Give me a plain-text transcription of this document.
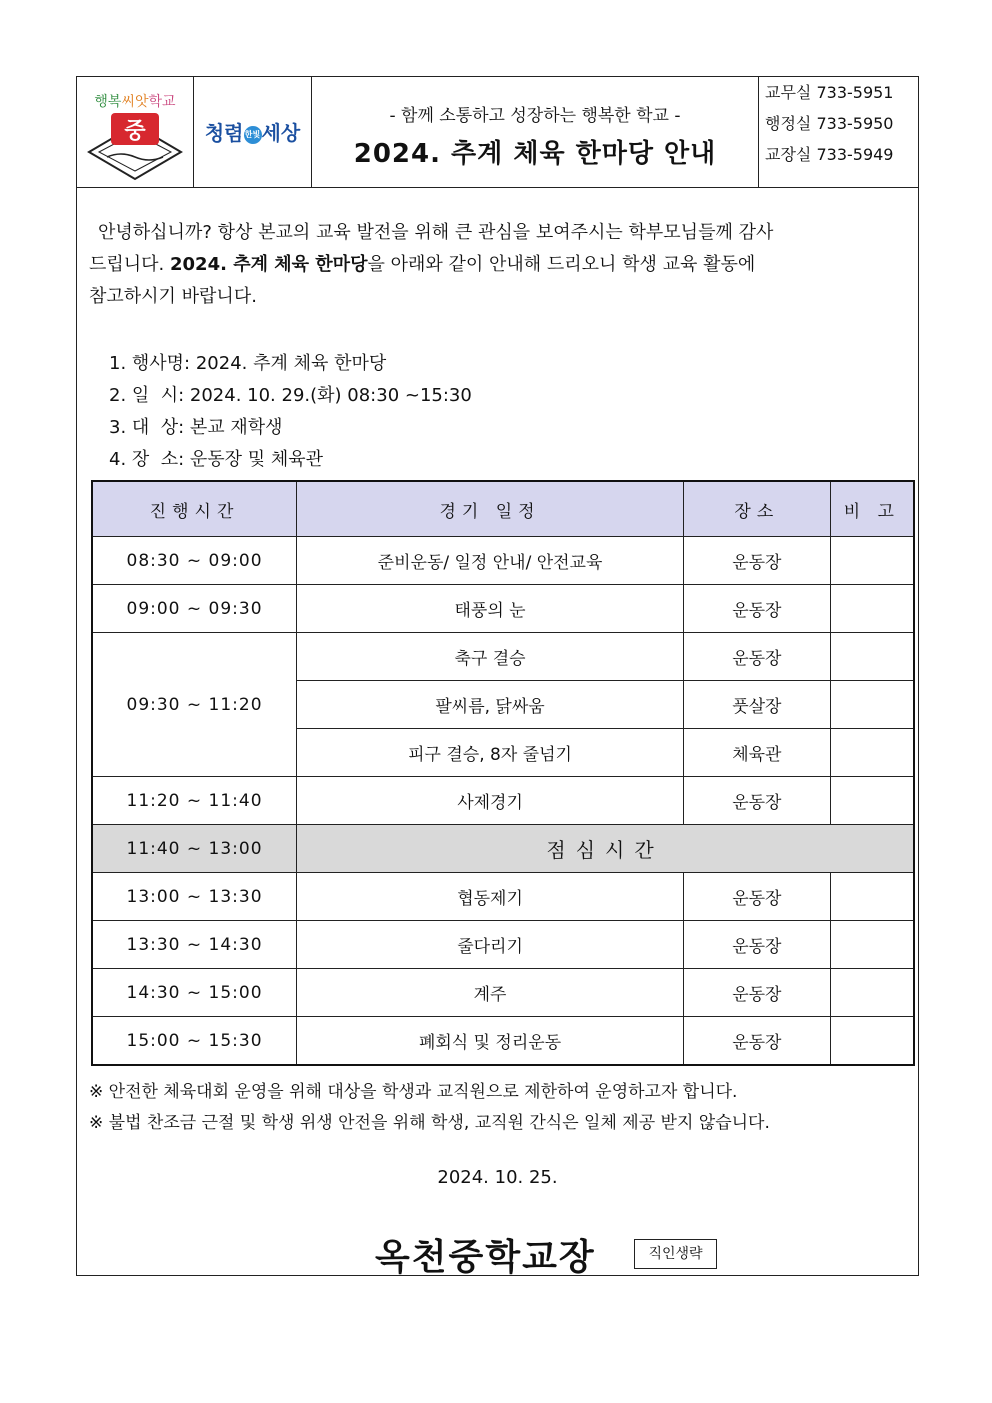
행복씨앗학교
중	청렴한빛세상
- 함께 소통하고 성장하는 행복한 학교 -
2024. 추계 체육 한마당 안내
교무실 733-5951
행정실 733-5950
교장실 733-5949
안녕하십니까? 항상 본교의 교육 발전을 위해 큰 관심을 보여주시는 학부모님들께 감사
드립니다. 2024. 추계 체육 한마당을 아래와 같이 안내해 드리오니 학생 교육 활동에
참고하시기 바랍니다.
1. 행사명: 2024. 추계 체육 한마당
2. 일  시: 2024. 10. 29.(화) 08:30 ~15:30
3. 대  상: 본교 재학생
4. 장  소: 운동장 및 체육관
진행시간	경기 일정	장소	비 고
08:30 ~ 09:00	준비운동/ 일정 안내/ 안전교육	운동장	
09:00 ~ 09:30	태풍의 눈	운동장	
09:30 ~ 11:20	축구 결승	운동장	
	팔씨름, 닭싸움	풋살장	
	피구 결승, 8자 줄넘기	체육관	
11:20 ~ 11:40	사제경기	운동장	
11:40 ~ 13:00	점심시간		
13:00 ~ 13:30	협동제기	운동장	
13:30 ~ 14:30	줄다리기	운동장	
14:30 ~ 15:00	계주	운동장	
15:00 ~ 15:30	폐회식 및 정리운동	운동장	
※ 안전한 체육대회 운영을 위해 대상을 학생과 교직원으로 제한하여 운영하고자 합니다.
※ 불법 찬조금 근절 및 학생 위생 안전을 위해 학생, 교직원 간식은 일체 제공 받지 않습니다.
2024. 10. 25.
옥천중학교장	직인생략
